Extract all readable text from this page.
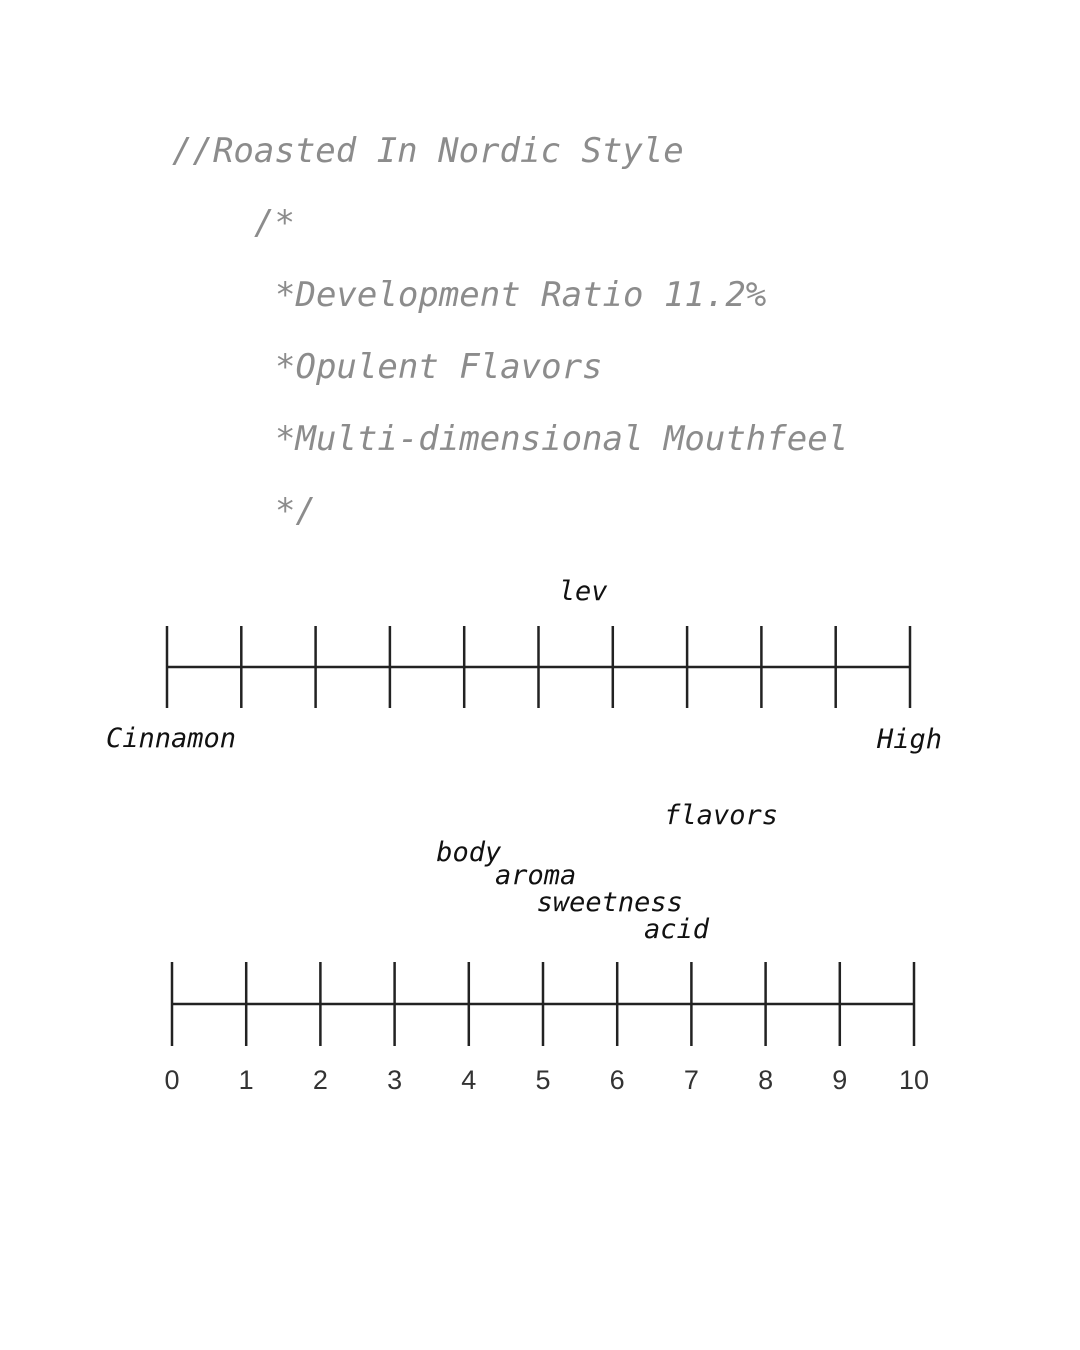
//Roasted In Nordic Style

/*

*Development Ratio 11.2%

*Opulent Flavors

*Multi-dimensional Mouthfeel

*/

Cinnamon	High
lev
0 1 2 3 4 5 6 7 8 9 10
flavors
body
aroma
sweetness
acid
